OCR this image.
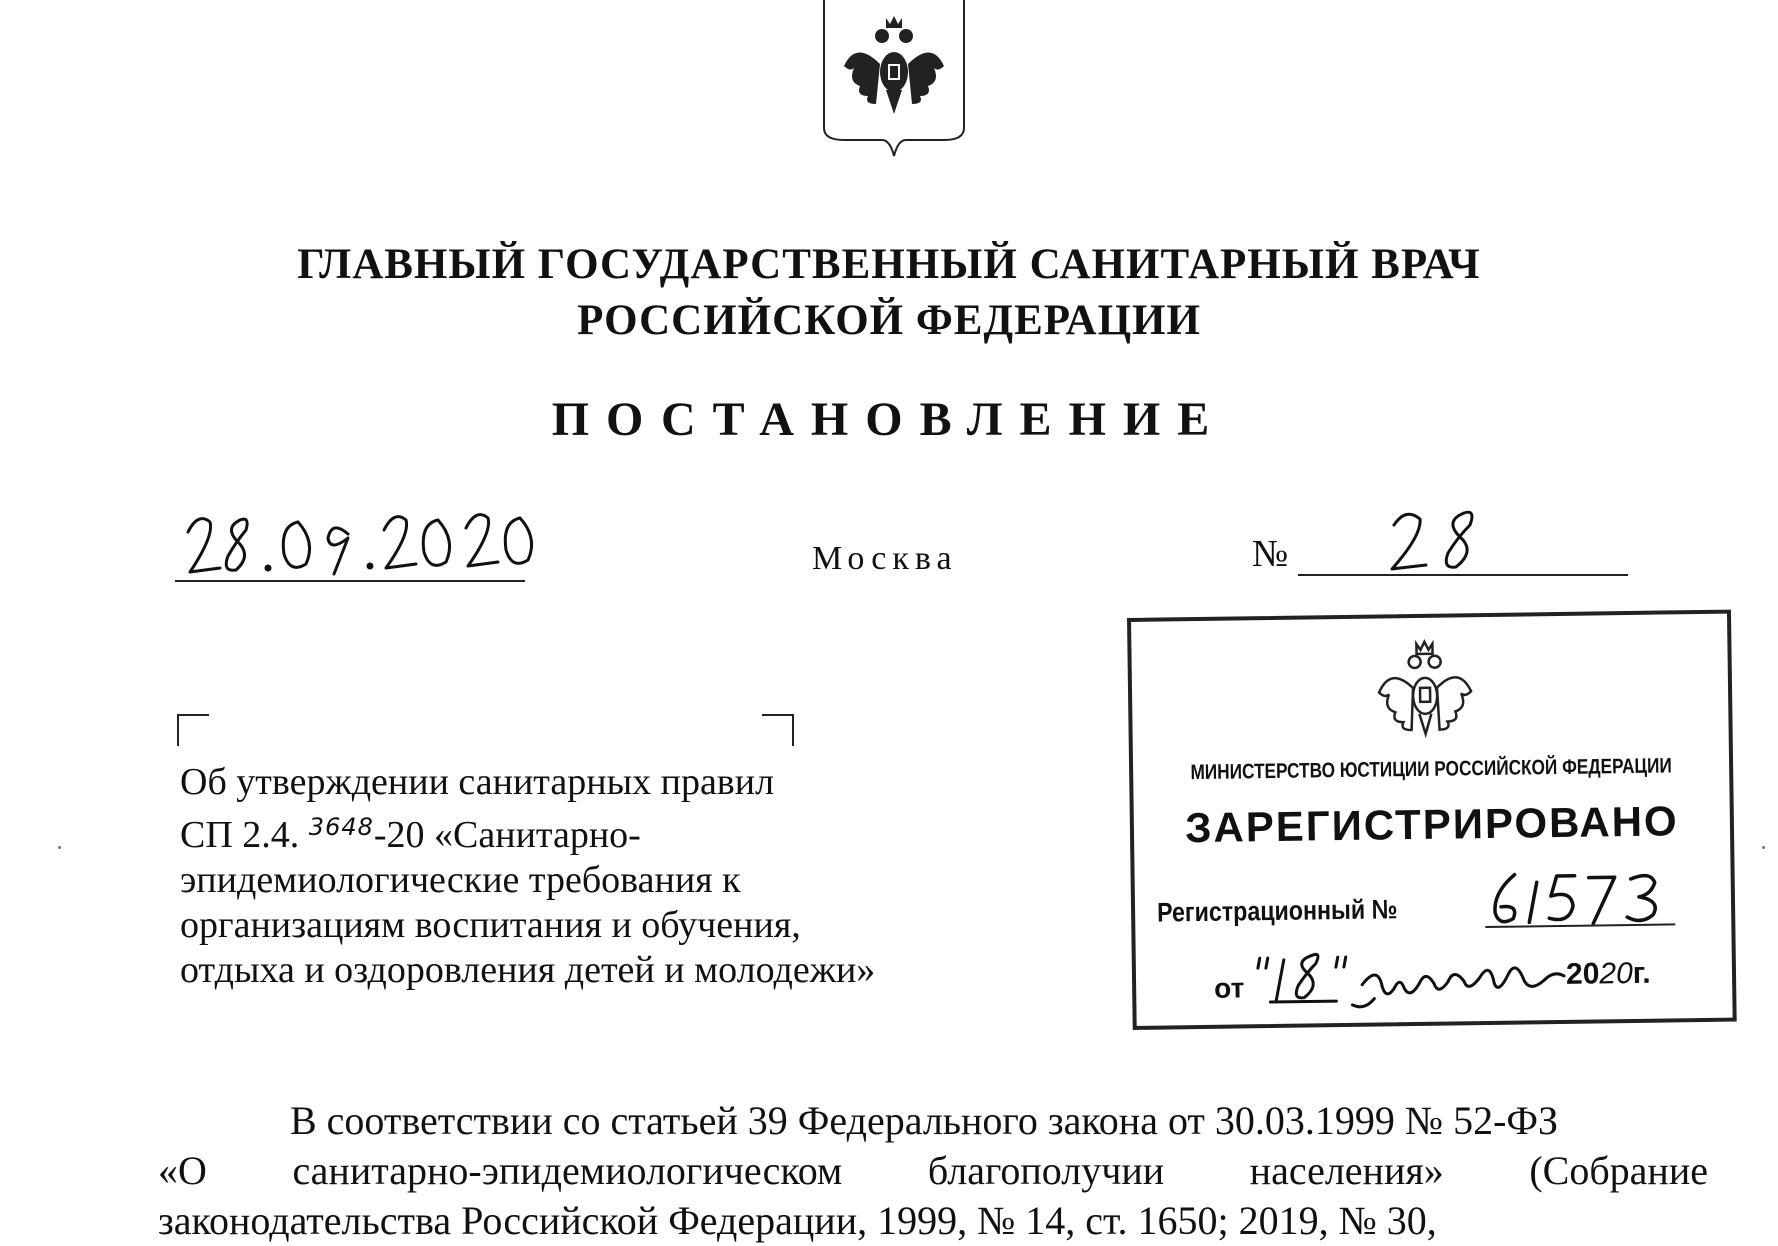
ГЛАВНЫЙ ГОСУДАРСТВЕННЫЙ САНИТАРНЫЙ ВРАЧ
РОССИЙСКОЙ ФЕДЕРАЦИИ
ПОСТАНОВЛЕНИЕ
Москва	№
Об утверждении санитарных правил
СП 2.4. $^{3648}$-20 «Санитарно-
эпидемиологические требования к
организациям воспитания и обучения,
отдыха и оздоровления детей и молодежи»
МИНИСТЕРСТВО ЮСТИЦИИ РОССИЙСКОЙ ФЕДЕРАЦИИ
ЗАРЕГИСТРИРОВАНО
Регистрационный №
от	2020г.
В соответствии со статьей 39 Федерального закона от 30.03.1999 № 52-ФЗ
«О санитарно-эпидемиологическом благополучии населения» (Собрание
законодательства Российской Федерации, 1999, № 14, ст. 1650; 2019, № 30,
